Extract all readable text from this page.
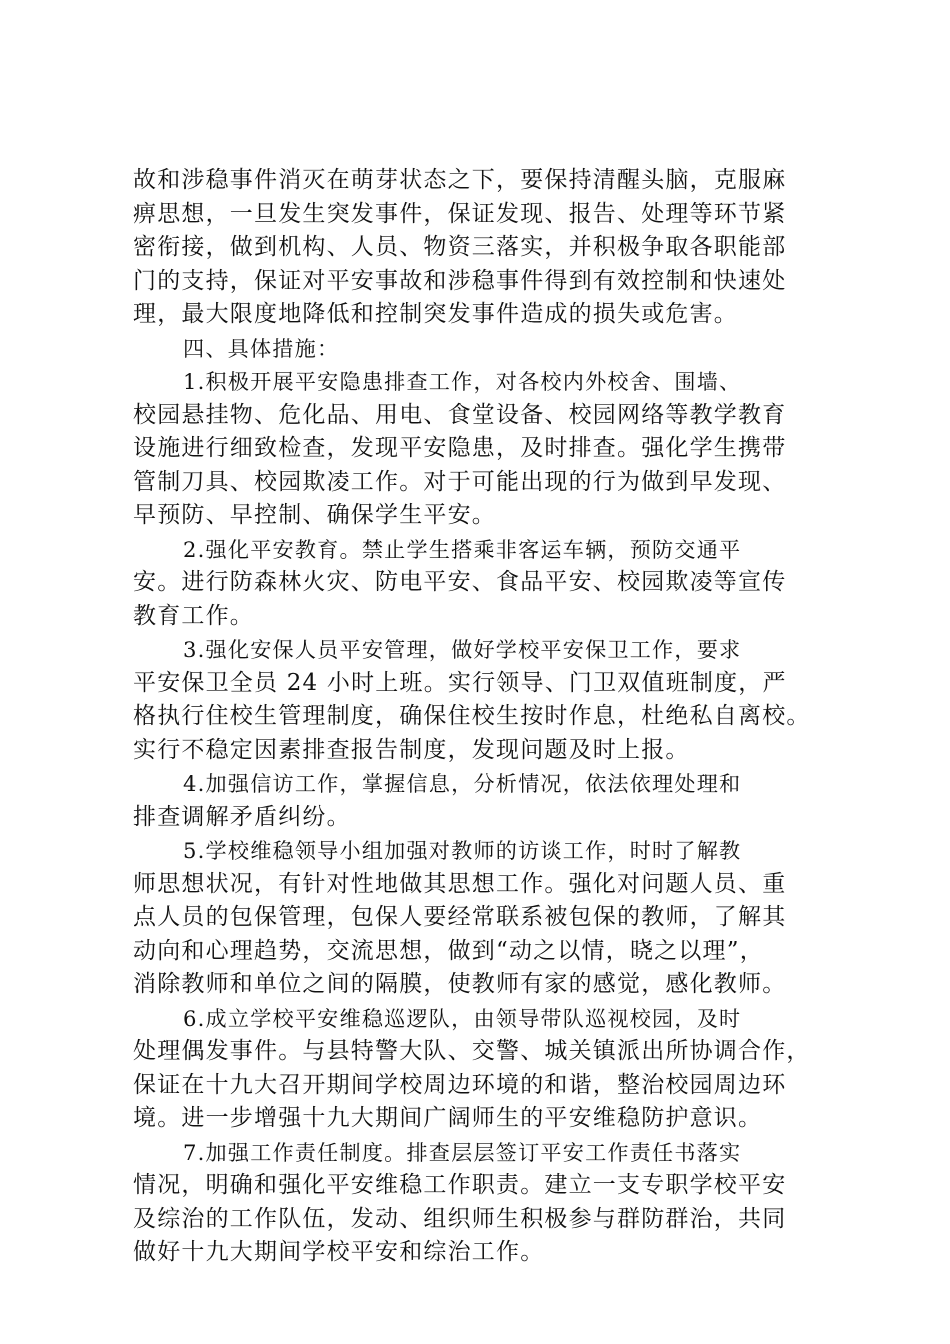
故和涉稳事件消灭在萌芽状态之下，要保持清醒头脑，克服麻
痹思想，一旦发生突发事件，保证发现、报告、处理等环节紧
密衔接，做到机构、人员、物资三落实，并积极争取各职能部
门的支持，保证对平安事故和涉稳事件得到有效控制和快速处
理，最大限度地降低和控制突发事件造成的损失或危害。
四、具体措施：
1.积极开展平安隐患排查工作，对各校内外校舍、围墙、
校园悬挂物、危化品、用电、食堂设备、校园网络等教学教育
设施进行细致检查，发现平安隐患，及时排查。强化学生携带
管制刀具、校园欺凌工作。对于可能出现的行为做到早发现、
早预防、早控制、确保学生平安。
2.强化平安教育。禁止学生搭乘非客运车辆，预防交通平
安。进行防森林火灾、防电平安、食品平安、校园欺凌等宣传
教育工作。
3.强化安保人员平安管理，做好学校平安保卫工作，要求
平安保卫全员 24 小时上班。实行领导、门卫双值班制度，严
格执行住校生管理制度，确保住校生按时作息，杜绝私自离校。
实行不稳定因素排查报告制度，发现问题及时上报。
4.加强信访工作，掌握信息，分析情况，依法依理处理和
排查调解矛盾纠纷。
5.学校维稳领导小组加强对教师的访谈工作，时时了解教
师思想状况，有针对性地做其思想工作。强化对问题人员、重
点人员的包保管理，包保人要经常联系被包保的教师，了解其
动向和心理趋势，交流思想，做到“动之以情，晓之以理”，
消除教师和单位之间的隔膜，使教师有家的感觉，感化教师。
6.成立学校平安维稳巡逻队，由领导带队巡视校园，及时
处理偶发事件。与县特警大队、交警、城关镇派出所协调合作，
保证在十九大召开期间学校周边环境的和谐，整治校园周边环
境。进一步增强十九大期间广阔师生的平安维稳防护意识。
7.加强工作责任制度。排查层层签订平安工作责任书落实
情况，明确和强化平安维稳工作职责。建立一支专职学校平安
及综治的工作队伍，发动、组织师生积极参与群防群治，共同
做好十九大期间学校平安和综治工作。
